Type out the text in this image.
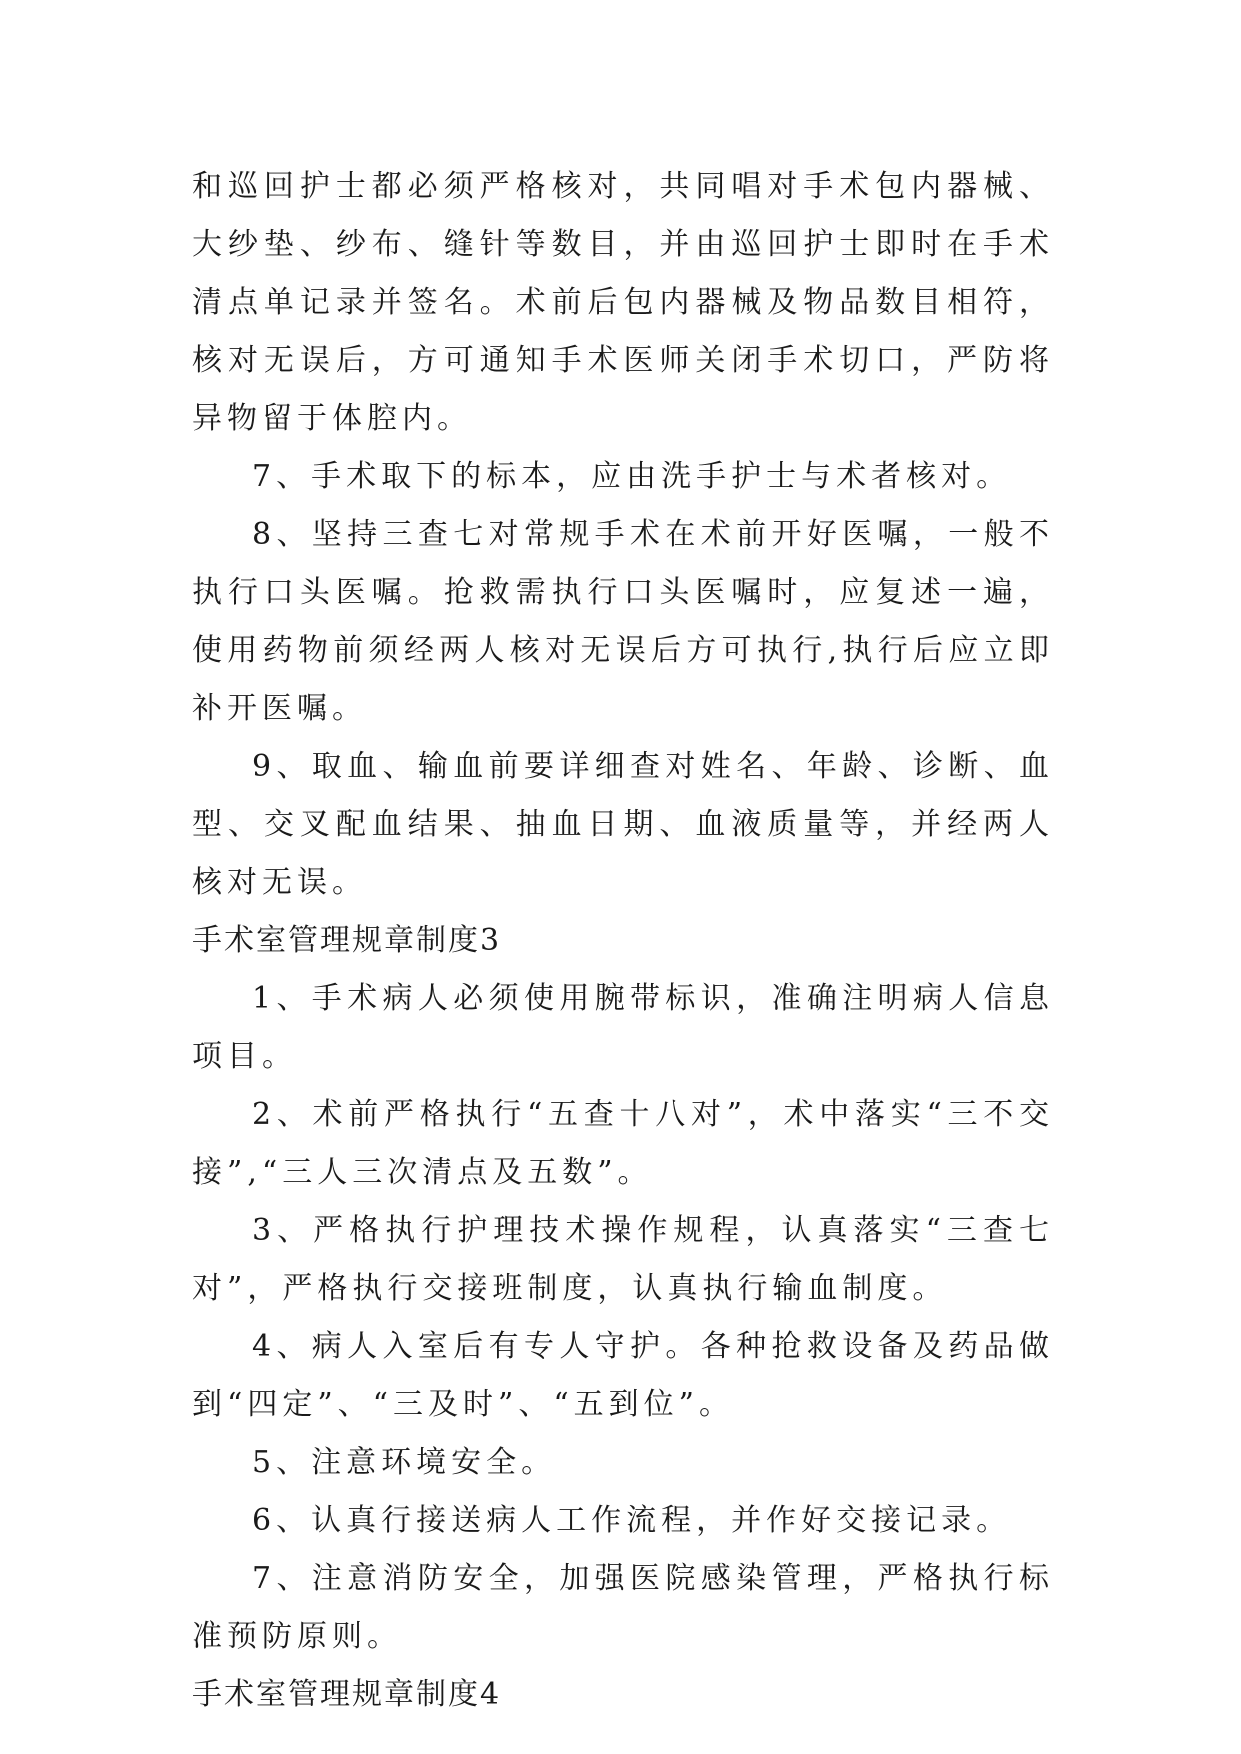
和巡回护士都必须严格核对，共同唱对手术包内器械、大纱垫、纱布、缝针等数目，并由巡回护士即时在手术清点单记录并签名。术前后包内器械及物品数目相符，核对无误后，方可通知手术医师关闭手术切口，严防将异物留于体腔内。

7、手术取下的标本，应由洗手护士与术者核对。

8、坚持三查七对常规手术在术前开好医嘱，一般不执行口头医嘱。抢救需执行口头医嘱时，应复述一遍，使用药物前须经两人核对无误后方可执行,执行后应立即补开医嘱。

9、取血、输血前要详细查对姓名、年龄、诊断、血型、交叉配血结果、抽血日期、血液质量等，并经两人核对无误。

手术室管理规章制度3

1、手术病人必须使用腕带标识，准确注明病人信息项目。

2、术前严格执行“五查十八对”，术中落实“三不交接”,“三人三次清点及五数”。

3、严格执行护理技术操作规程，认真落实“三查七对”，严格执行交接班制度，认真执行输血制度。

4、病人入室后有专人守护。各种抢救设备及药品做到“四定”、“三及时”、“五到位”。

5、注意环境安全。

6、认真行接送病人工作流程，并作好交接记录。

7、注意消防安全，加强医院感染管理，严格执行标准预防原则。

手术室管理规章制度4
